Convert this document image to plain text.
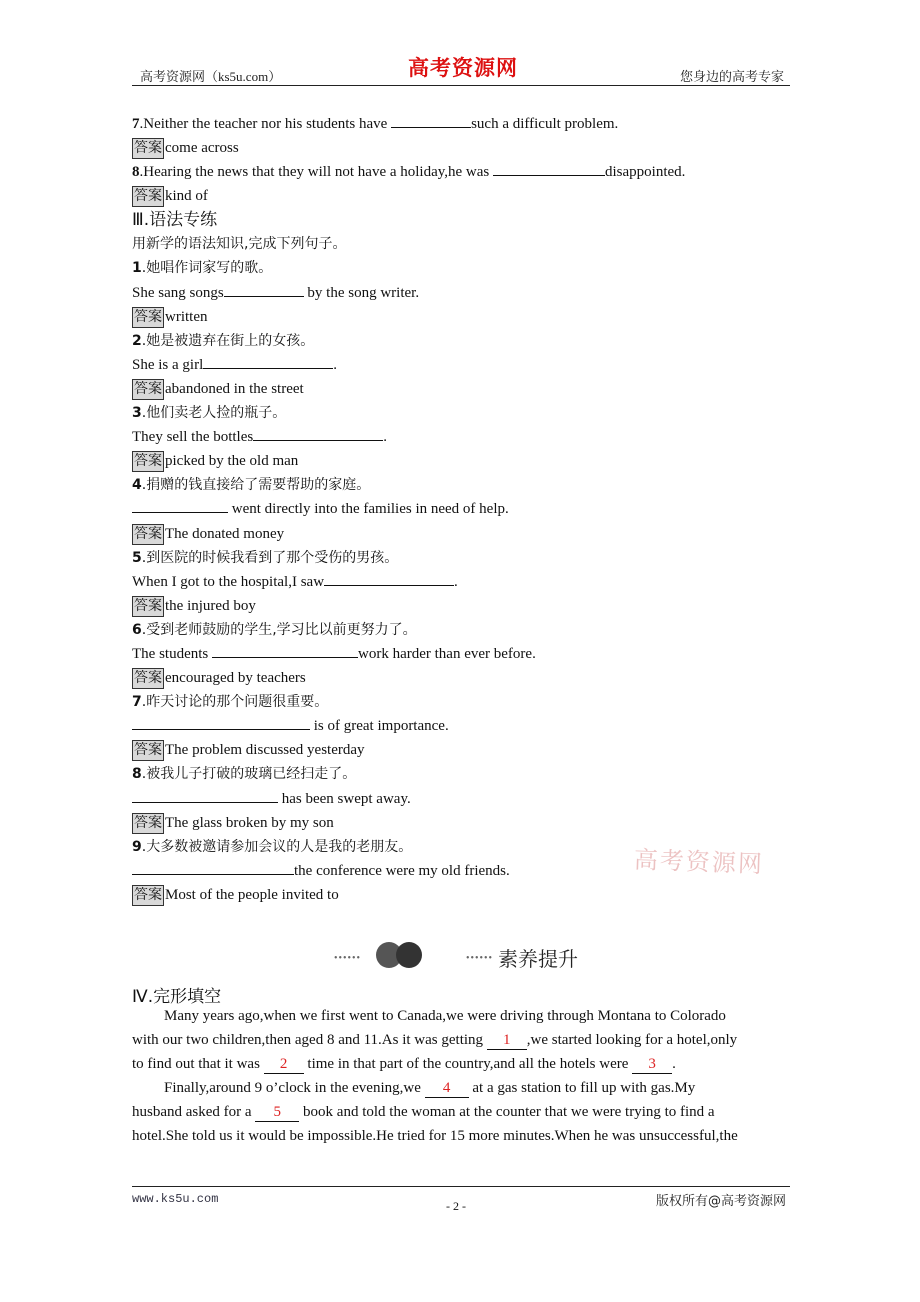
高考资源网（ks5u.com）	高考资源网	您身边的高考专家
7.Neither the teacher nor his students have	such a difficult problem.
答案 come across
8.Hearing the news that they will not have a holiday,he was	disappointed.
答案 kind of
Ⅲ.语法专练
用新学的语法知识,完成下列句子。
1.她唱作词家写的歌。
She sang songs	by the song writer.
答案 written
2.她是被遗弃在街上的女孩。
She is a girl	.
答案 abandoned in the street
3.他们卖老人捡的瓶子。
They sell the bottles	.
答案 picked by the old man
4.捐赠的钱直接给了需要帮助的家庭。
went directly into the families in need of help.
答案 The donated money
5.到医院的时候我看到了那个受伤的男孩。
When I got to the hospital,I saw	.
答案 the injured boy
6.受到老师鼓励的学生,学习比以前更努力了。
The students	work harder than ever before.
答案 encouraged by teachers
7.昨天讨论的那个问题很重要。
is of great importance.
答案 The problem discussed yesterday
8.被我儿子打破的玻璃已经扫走了。
has been swept away.
答案 The glass broken by my son
9.大多数被邀请参加会议的人是我的老朋友。
the conference were my old friends.
答案 Most of the people invited to
高考资源网
••••••	•••••• 素养提升
Ⅳ.完形填空
Many years ago,when we first went to Canada,we were driving through Montana to Colorado
with our two children,then aged 8 and 11.As it was getting 1 ,we started looking for a hotel,only
to find out that it was 2 time in that part of the country,and all the hotels were 3 .
Finally,around 9 o’clock in the evening,we 4 at a gas station to fill up with gas.My
husband asked for a 5 book and told the woman at the counter that we were trying to find a
hotel.She told us it would be impossible.He tried for 15 more minutes.When he was unsuccessful,the
www.ks5u.com	- 2 -	版权所有@高考资源网
